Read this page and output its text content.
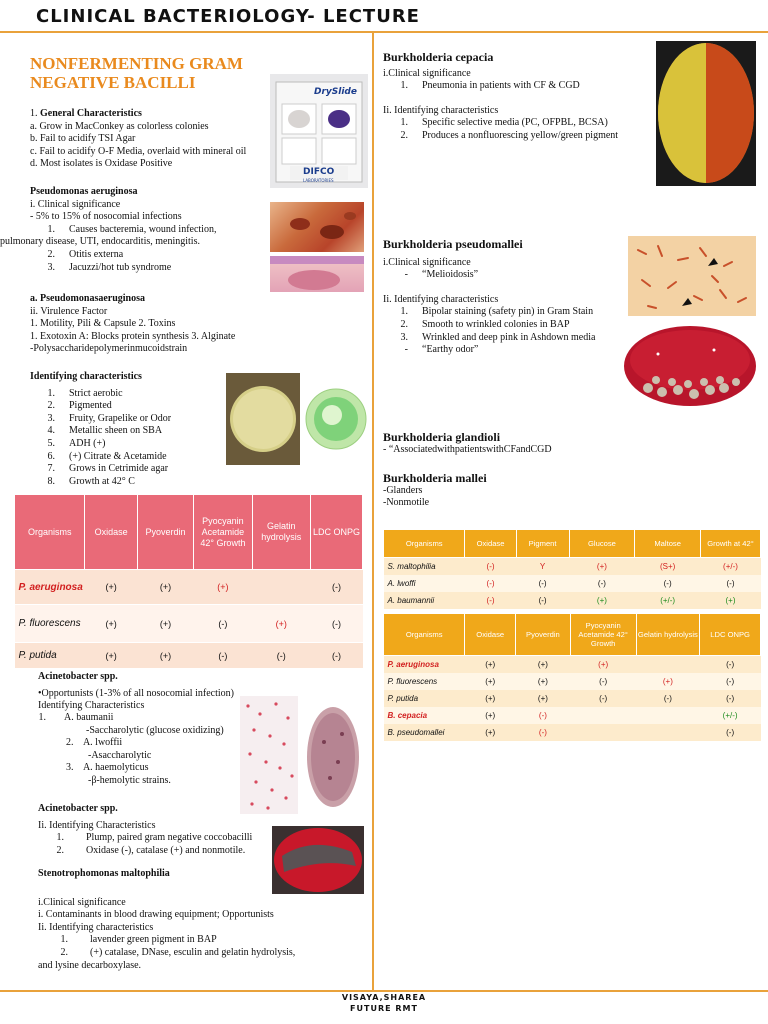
CLINICAL BACTERIOLOGY- LECTURE
NONFERMENTING GRAM NEGATIVE BACILLI
1. General Characteristics
a. Grow in MacConkey as colorless colonies
b. Fail to acidify TSI Agar
c. Fail to acidify O-F Media, overlaid with mineral oil
d. Most isolates is Oxidase Positive
DrySlide
DIFCO
LABORATORIES
Pseudomonas aeruginosa
i. Clinical significance
- 5% to 15% of nosocomial infections
1. Causes bacteremia, wound infection,
pulmonary disease, UTI, endocarditis, meningitis.
2. Otitis externa
3. Jacuzzi/hot tub syndrome
a. Pseudomonasaeruginosa
ii. Virulence Factor
1. Motility, Pili & Capsule 2. Toxins
1. Exotoxin A: Blocks protein synthesis 3. Alginate
-Polysaccharidepolymerinmucoidstrain
Identifying characteristics
1. Strict aerobic
2. Pigmented
3. Fruity, Grapelike or Odor
4. Metallic sheen on SBA
5. ADH (+)
6. (+) Citrate & Acetamide
7. Grows in Cetrimide agar
8. Growth at 42° C
Organisms	Oxidase	Pyoverdin	Pyocyanin Acetamide 42° Growth	Gelatin hydrolysis	LDC ONPG
P. aeruginosa	(+)	(+)	(+)		(-)
P. fluorescens	(+)	(+)	(-)	(+)	(-)
P. putida	(+)	(+)	(-)	(-)	(-)
Acinetobacter spp.
•Opportunists (1-3% of all nosocomial infection)
Identifying Characteristics
1. A. baumanii
-Saccharolytic (glucose oxidizing)
2. A. lwoffii
-Asaccharolytic
3. A. haemolyticus
-β-hemolytic strains.
Acinetobacter spp.
Ii. Identifying Characteristics
1. Plump, paired gram negative coccobacilli
2. Oxidase (-), catalase (+) and nonmotile.
Stenotrophomonas maltophilia
i.Clinical significance
i. Contaminants in blood drawing equipment; Opportunists
Ii. Identifying characteristics
1. lavender green pigment in BAP
2. (+) catalase, DNase, esculin and gelatin hydrolysis,
and lysine decarboxylase.
Burkholderia cepacia
i.Clinical significance
1. Pneumonia in patients with CF & CGD
Ii. Identifying characteristics
1. Specific selective media (PC, OFPBL, BCSA)
2. Produces a nonfluorescing yellow/green pigment
Burkholderia pseudomallei
i.Clinical significance
- “Melioidosis”
Ii. Identifying characteristics
1. Bipolar staining (safety pin) in Gram Stain
2. Smooth to wrinkled colonies in BAP
3. Wrinkled and deep pink in Ashdown media
- “Earthy odor”
Burkholderia glandioli
- “AssociatedwithpatientswithCFandCGD
Burkholderia mallei
-Glanders
-Nonmotile
Organisms	Oxidase	Pigment	Glucose	Maltose	Growth at 42°
S. maltophilia	(-)	Y	(+)	(S+)	(+/-)
A. lwoffi	(-)	(-)	(-)	(-)	(-)
A. baumannii	(-)	(-)	(+)	(+/-)	(+)
Organisms	Oxidase	Pyoverdin	Pyocyanin Acetamide 42° Growth	Gelatin hydrolysis	LDC ONPG
P. aeruginosa	(+)	(+)	(+)		(-)
P. fluorescens	(+)	(+)	(-)	(+)	(-)
P. putida	(+)	(+)	(-)	(-)	(-)
B. cepacia	(+)	(-)			(+/-)
B. pseudomallei	(+)	(-)			(-)
VISAYA,SHAREA
FUTURE RMT
